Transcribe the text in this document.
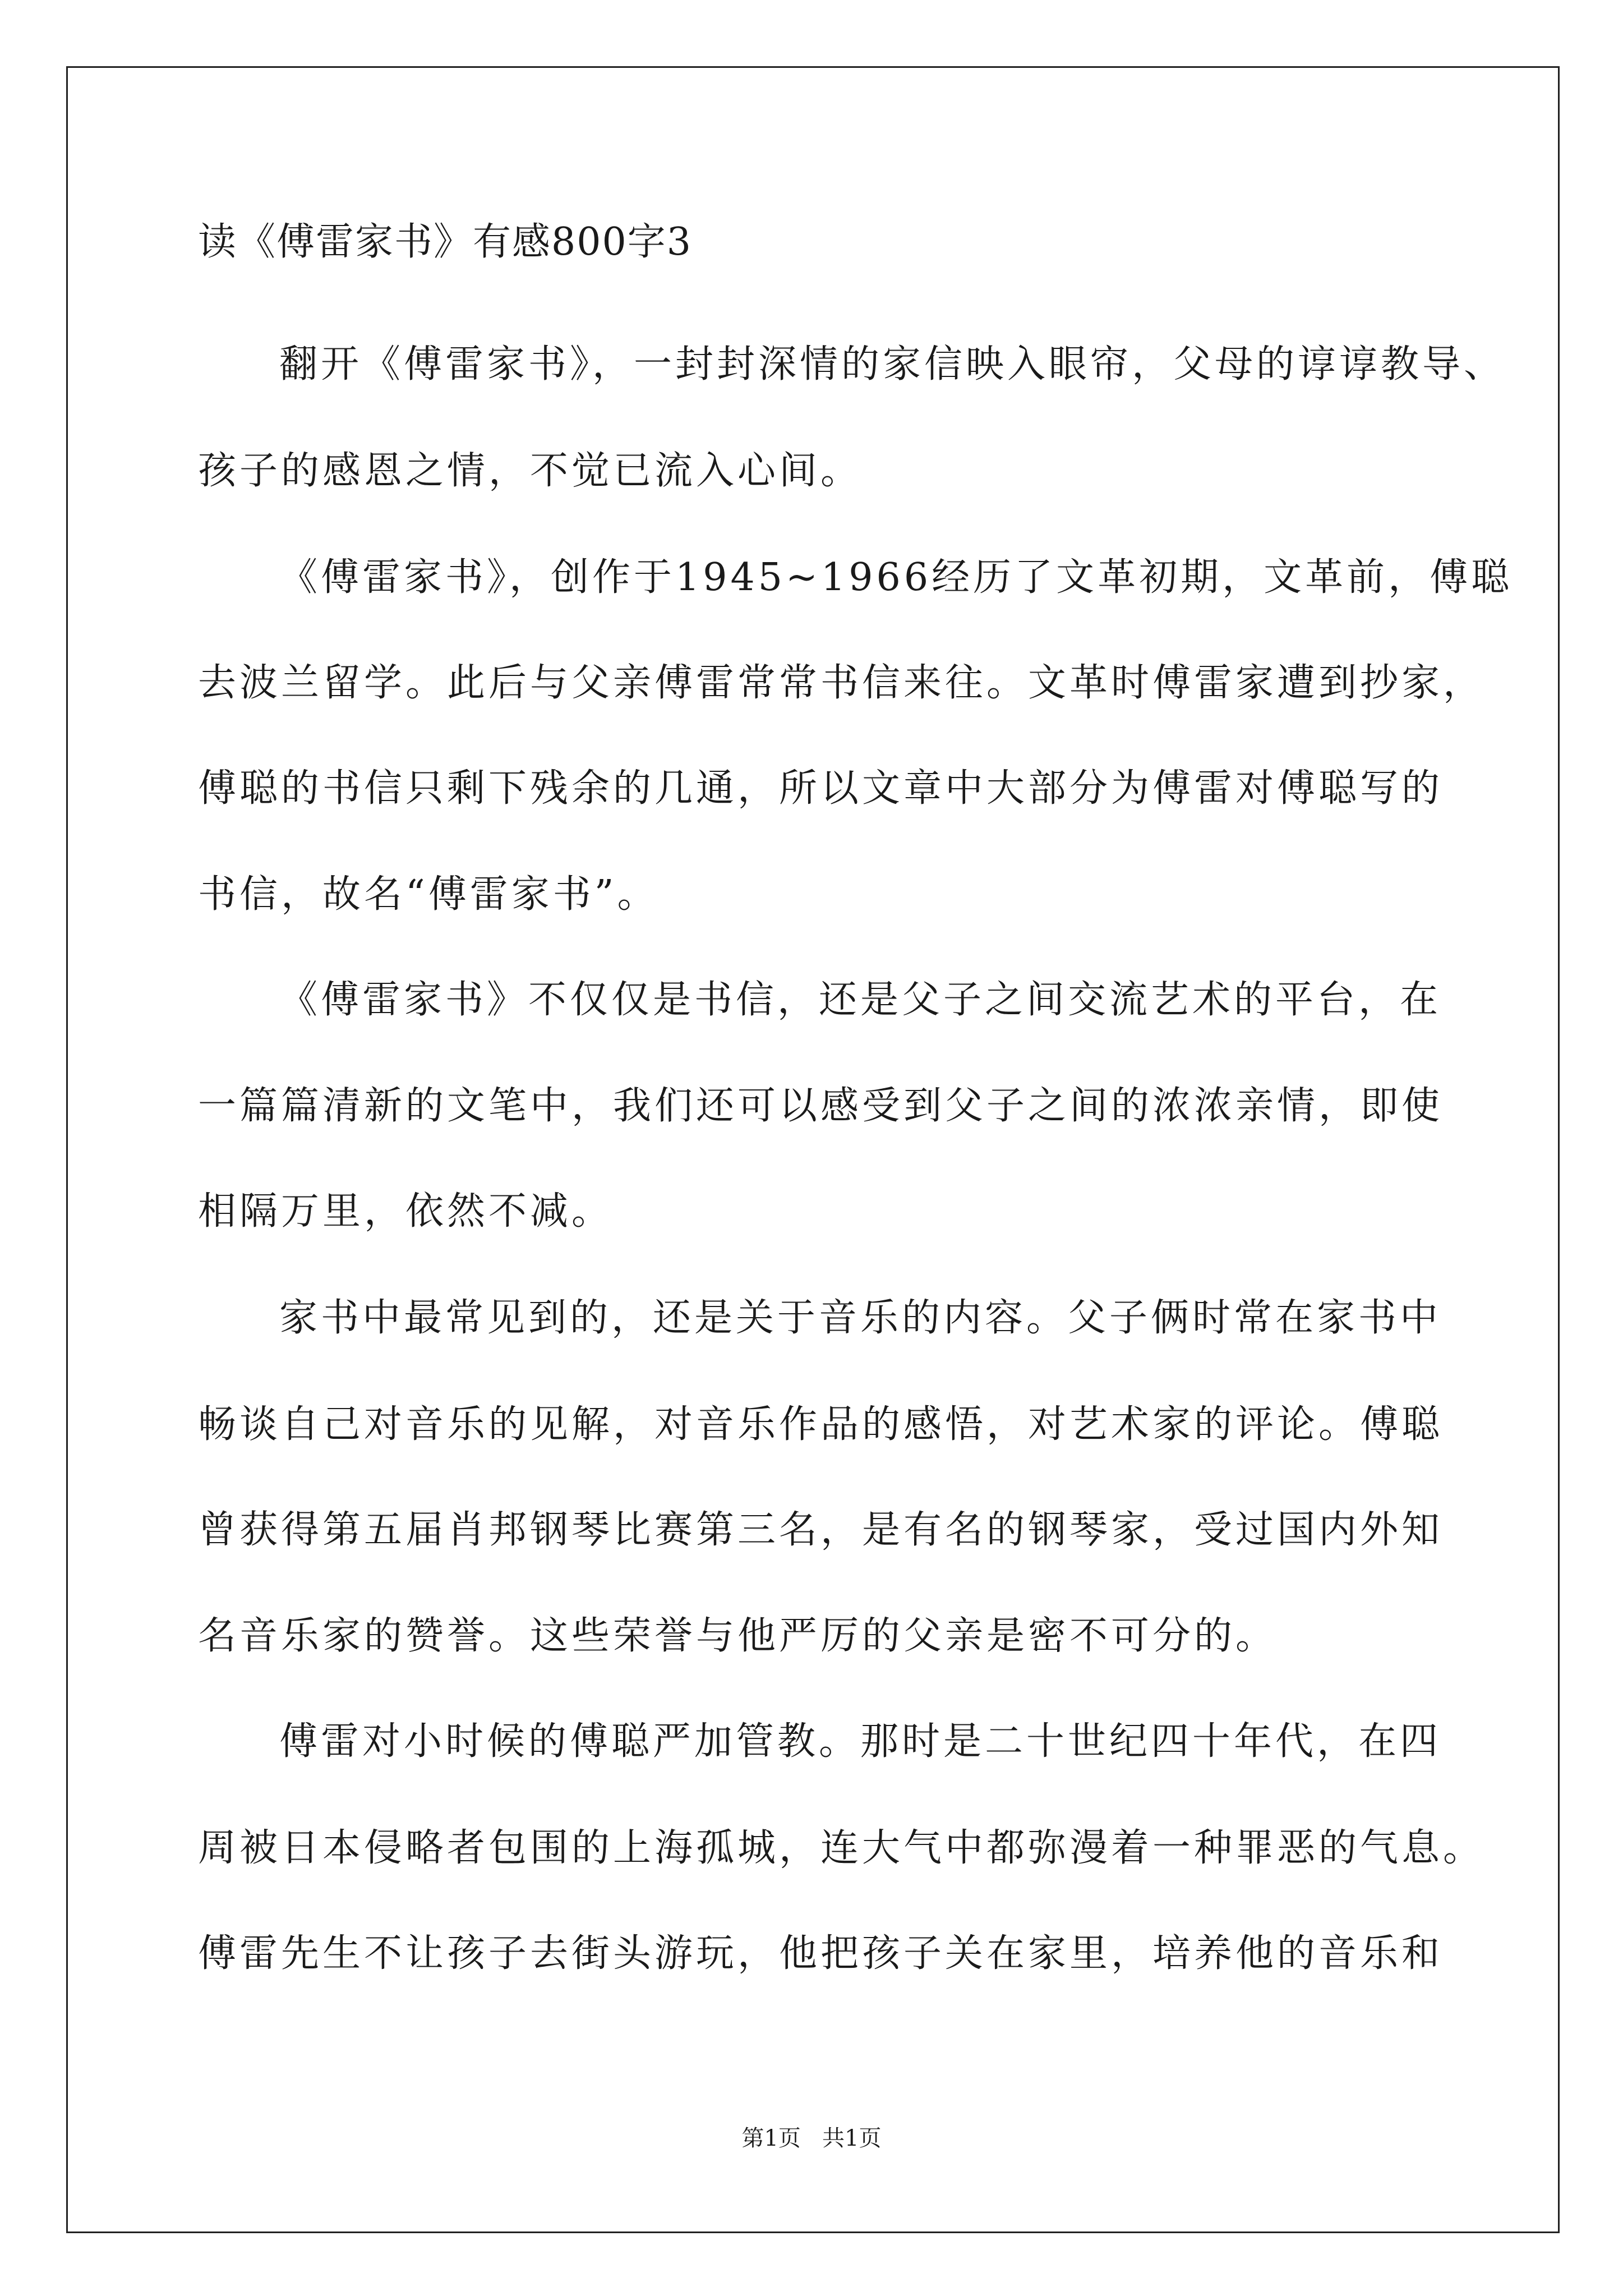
读《傅雷家书》有感800字3
翻开《傅雷家书》，一封封深情的家信映入眼帘，父母的谆谆教导、
孩子的感恩之情，不觉已流入心间。
《傅雷家书》，创作于1945~1966经历了文革初期，文革前，傅聪
去波兰留学。此后与父亲傅雷常常书信来往。文革时傅雷家遭到抄家，
傅聪的书信只剩下残余的几通，所以文章中大部分为傅雷对傅聪写的
书信，故名“傅雷家书”。
《傅雷家书》不仅仅是书信，还是父子之间交流艺术的平台，在
一篇篇清新的文笔中，我们还可以感受到父子之间的浓浓亲情，即使
相隔万里，依然不减。
家书中最常见到的，还是关于音乐的内容。父子俩时常在家书中
畅谈自己对音乐的见解，对音乐作品的感悟，对艺术家的评论。傅聪
曾获得第五届肖邦钢琴比赛第三名，是有名的钢琴家，受过国内外知
名音乐家的赞誉。这些荣誉与他严厉的父亲是密不可分的。
傅雷对小时候的傅聪严加管教。那时是二十世纪四十年代，在四
周被日本侵略者包围的上海孤城，连大气中都弥漫着一种罪恶的气息。
傅雷先生不让孩子去街头游玩，他把孩子关在家里，培养他的音乐和
第1页   共1页
